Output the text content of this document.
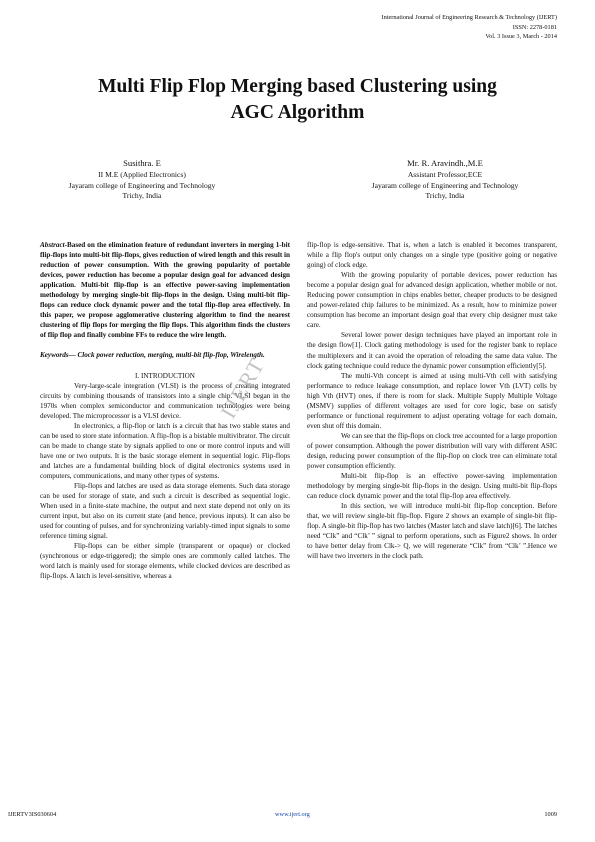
International Journal of Engineering Research & Technology (IJERT)
ISSN: 2278-0181
Vol. 3 Issue 3, March - 2014
Multi Flip Flop Merging based Clustering using
AGC Algorithm
Susithra. E
II M.E (Applied Electronics)
Jayaram college of Engineering and Technology
Trichy, India
Mr. R. Aravindh.,M.E
Assistant Professor,ECE
Jayaram college of Engineering and Technology
Trichy, India

Abstract-Based on the elimination feature of redundant inverters in merging 1-bit flip-flops into multi-bit flip-flops, gives reduction of wired length and this result in reduction of power consumption. With the growing popularity of portable devices, power reduction has become a popular design goal for advanced design application. Multi-bit flip-flop is an effective power-saving implementation methodology by merging single-bit flip-flops in the design. Using multi-bit flip-flops can reduce clock dynamic power and the total flip-flop area effectively. In this paper, we propose agglomerative clustering algorithm to find the nearest clustering of flip flops for merging the flip flops. This algorithm finds the clusters of flip flop and finally combine FFs to reduce the wire length.

Keywords— Clock power reduction, merging, multi-bit flip-flop, Wirelength.

I. INTRODUCTION

Very-large-scale integration (VLSI) is the process of creating integrated circuits by combining thousands of transistors into a single chip. VLSI began in the 1970s when complex semiconductor and communication technologies were being developed. The microprocessor is a VLSI device.

In electronics, a flip-flop or latch is a circuit that has two stable states and can be used to store state information. A flip-flop is a bistable multivibrator. The circuit can be made to change state by signals applied to one or more control inputs and will have one or two outputs. It is the basic storage element in sequential logic. Flip-flops and latches are a fundamental building block of digital electronics systems used in computers, communications, and many other types of systems.

Flip-flops and latches are used as data storage elements. Such data storage can be used for storage of state, and such a circuit is described as sequential logic. When used in a finite-state machine, the output and next state depend not only on its current input, but also on its current state (and hence, previous inputs). It can also be used for counting of pulses, and for synchronizing variably-timed input signals to some reference timing signal.

Flip-flops can be either simple (transparent or opaque) or clocked (synchronous or edge-triggered); the simple ones are commonly called latches. The word latch is mainly used for storage elements, while clocked devices are described as flip-flops. A latch is level-sensitive, whereas a

flip-flop is edge-sensitive. That is, when a latch is enabled it becomes transparent, while a flip flop's output only changes on a single type (positive going or negative going) of clock edge.

With the growing popularity of portable devices, power reduction has become a popular design goal for advanced design application, whether mobile or not. Reducing power consumption in chips enables better, cheaper products to be designed and power-related chip failures to be minimized. As a result, how to minimize power consumption has become an important design goal that every chip designer must take care.

Several lower power design techniques have played an important role in the design flow[1]. Clock gating methodology is used for the register bank to replace the multiplexers and it can avoid the operation of reloading the same data value. The clock gating technique could reduce the dynamic power consumption efficiently[5].

The multi-Vth concept is aimed at using multi-Vth cell with satisfying performance to reduce leakage consumption, and replace lower Vth (LVT) cells by high Vth (HVT) ones, if there is room for slack. Multiple Supply Multiple Voltage (MSMV) supplies of different voltages are used for core logic, base on satisfy performance or functional requirement to adjust operating voltage for each domain, even shut off this domain.

We can see that the flip-flops on clock tree accounted for a large proportion of power consumption. Although the power distribution will vary with different ASIC design, reducing power consumption of the flip-flop on clock tree can eliminate total power consumption efficiently.

Multi-bit flip-flop is an effective power-saving implementation methodology by merging single-bit flip-flops in the design. Using multi-bit flip-flops can reduce clock dynamic power and the total flip-flop area effectively.

In this section, we will introduce multi-bit flip-flop conception. Before that, we will review single-bit flip-flop. Figure 2 shows an example of single-bit flip-flop. A single-bit flip-flop has two latches (Master latch and slave latch)[6]. The latches need “Clk” and “Clk’ ” signal to perform operations, such as Figure2 shows. In order to have better delay from Clk-> Q, we will regenerate “Clk” from “Clk’ ”.Hence we will have two inverters in the clock path.

IJERT
IJERTV3IS030604	www.ijert.org	1009
